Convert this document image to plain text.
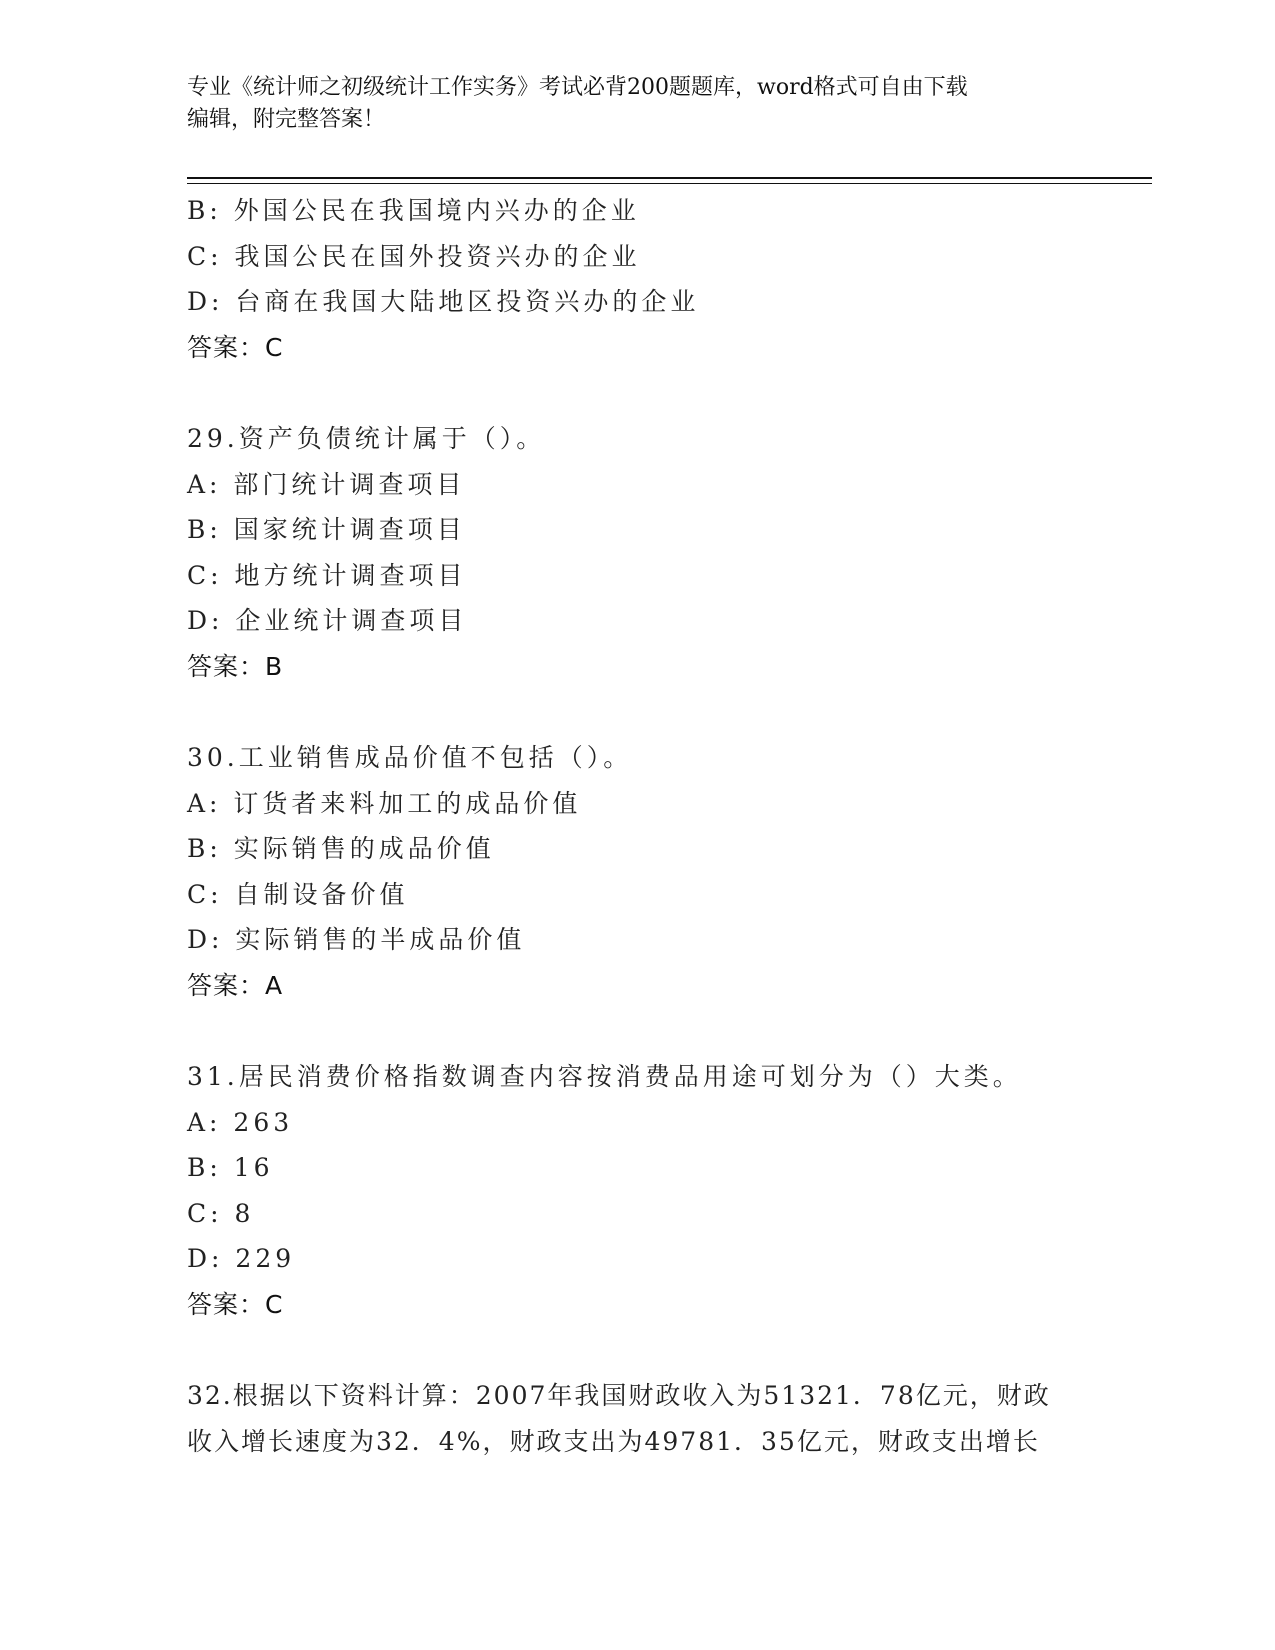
专业《统计师之初级统计工作实务》考试必背200题题库，word格式可自由下载
编辑，附完整答案！
B: 外国公民在我国境内兴办的企业
C: 我国公民在国外投资兴办的企业
D: 台商在我国大陆地区投资兴办的企业
答案：C
29.资产负债统计属于（）。
A: 部门统计调查项目
B: 国家统计调查项目
C: 地方统计调查项目
D: 企业统计调查项目
答案：B
30.工业销售成品价值不包括（）。
A: 订货者来料加工的成品价值
B: 实际销售的成品价值
C: 自制设备价值
D: 实际销售的半成品价值
答案：A
31.居民消费价格指数调查内容按消费品用途可划分为（）大类。
A: 263
B: 16
C: 8
D: 229
答案：C
32.根据以下资料计算：2007年我国财政收入为51321．78亿元，财政
收入增长速度为32．4%，财政支出为49781．35亿元，财政支出增长
